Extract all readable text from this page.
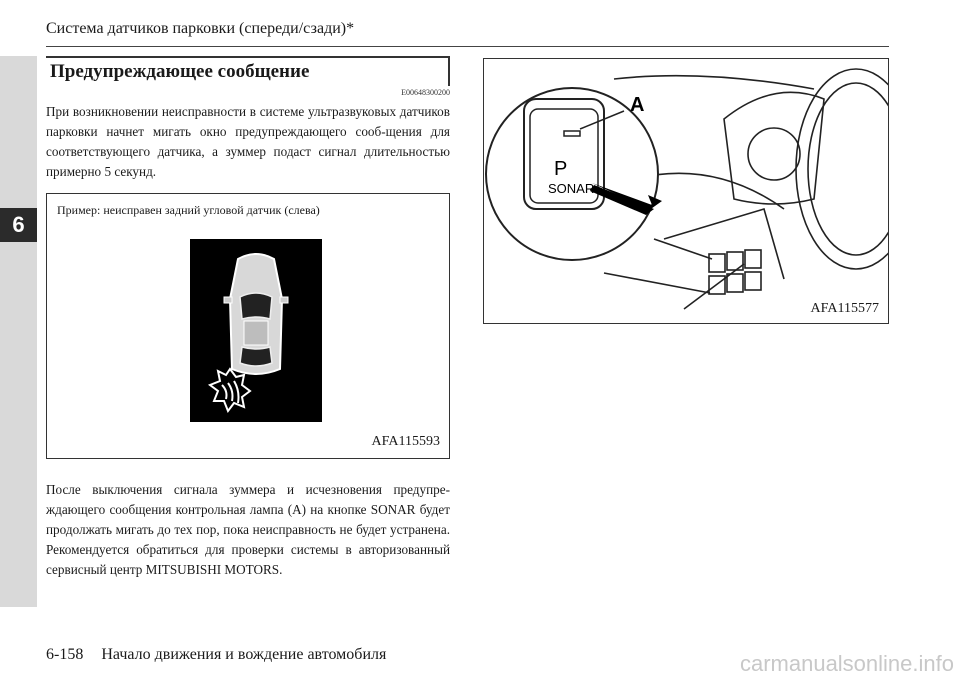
6
Система датчиков парковки (спереди/сзади)*
Предупреждающее сообщение
E00648300200
При возникновении неисправности в системе ультразвуковых датчиков парковки начнет мигать окно предупреждающего сооб-щения для соответствующего датчика, а зуммер подаст сигнал длительностью примерно 5 секунд.
Пример: неисправен задний угловой датчик (слева)
AFA115593
После выключения сигнала зуммера и исчезновения предупре-ждающего сообщения контрольная лампа (A) на кнопке SONAR будет продолжать мигать до тех пор, пока неисправность не будет устранена. Рекомендуется обратиться для проверки системы в авторизованный сервисный центр MITSUBISHI MOTORS.
P
SONAR
A
AFA115577
6-158 Начало движения и вождение автомобиля	carmanualsonline.info
